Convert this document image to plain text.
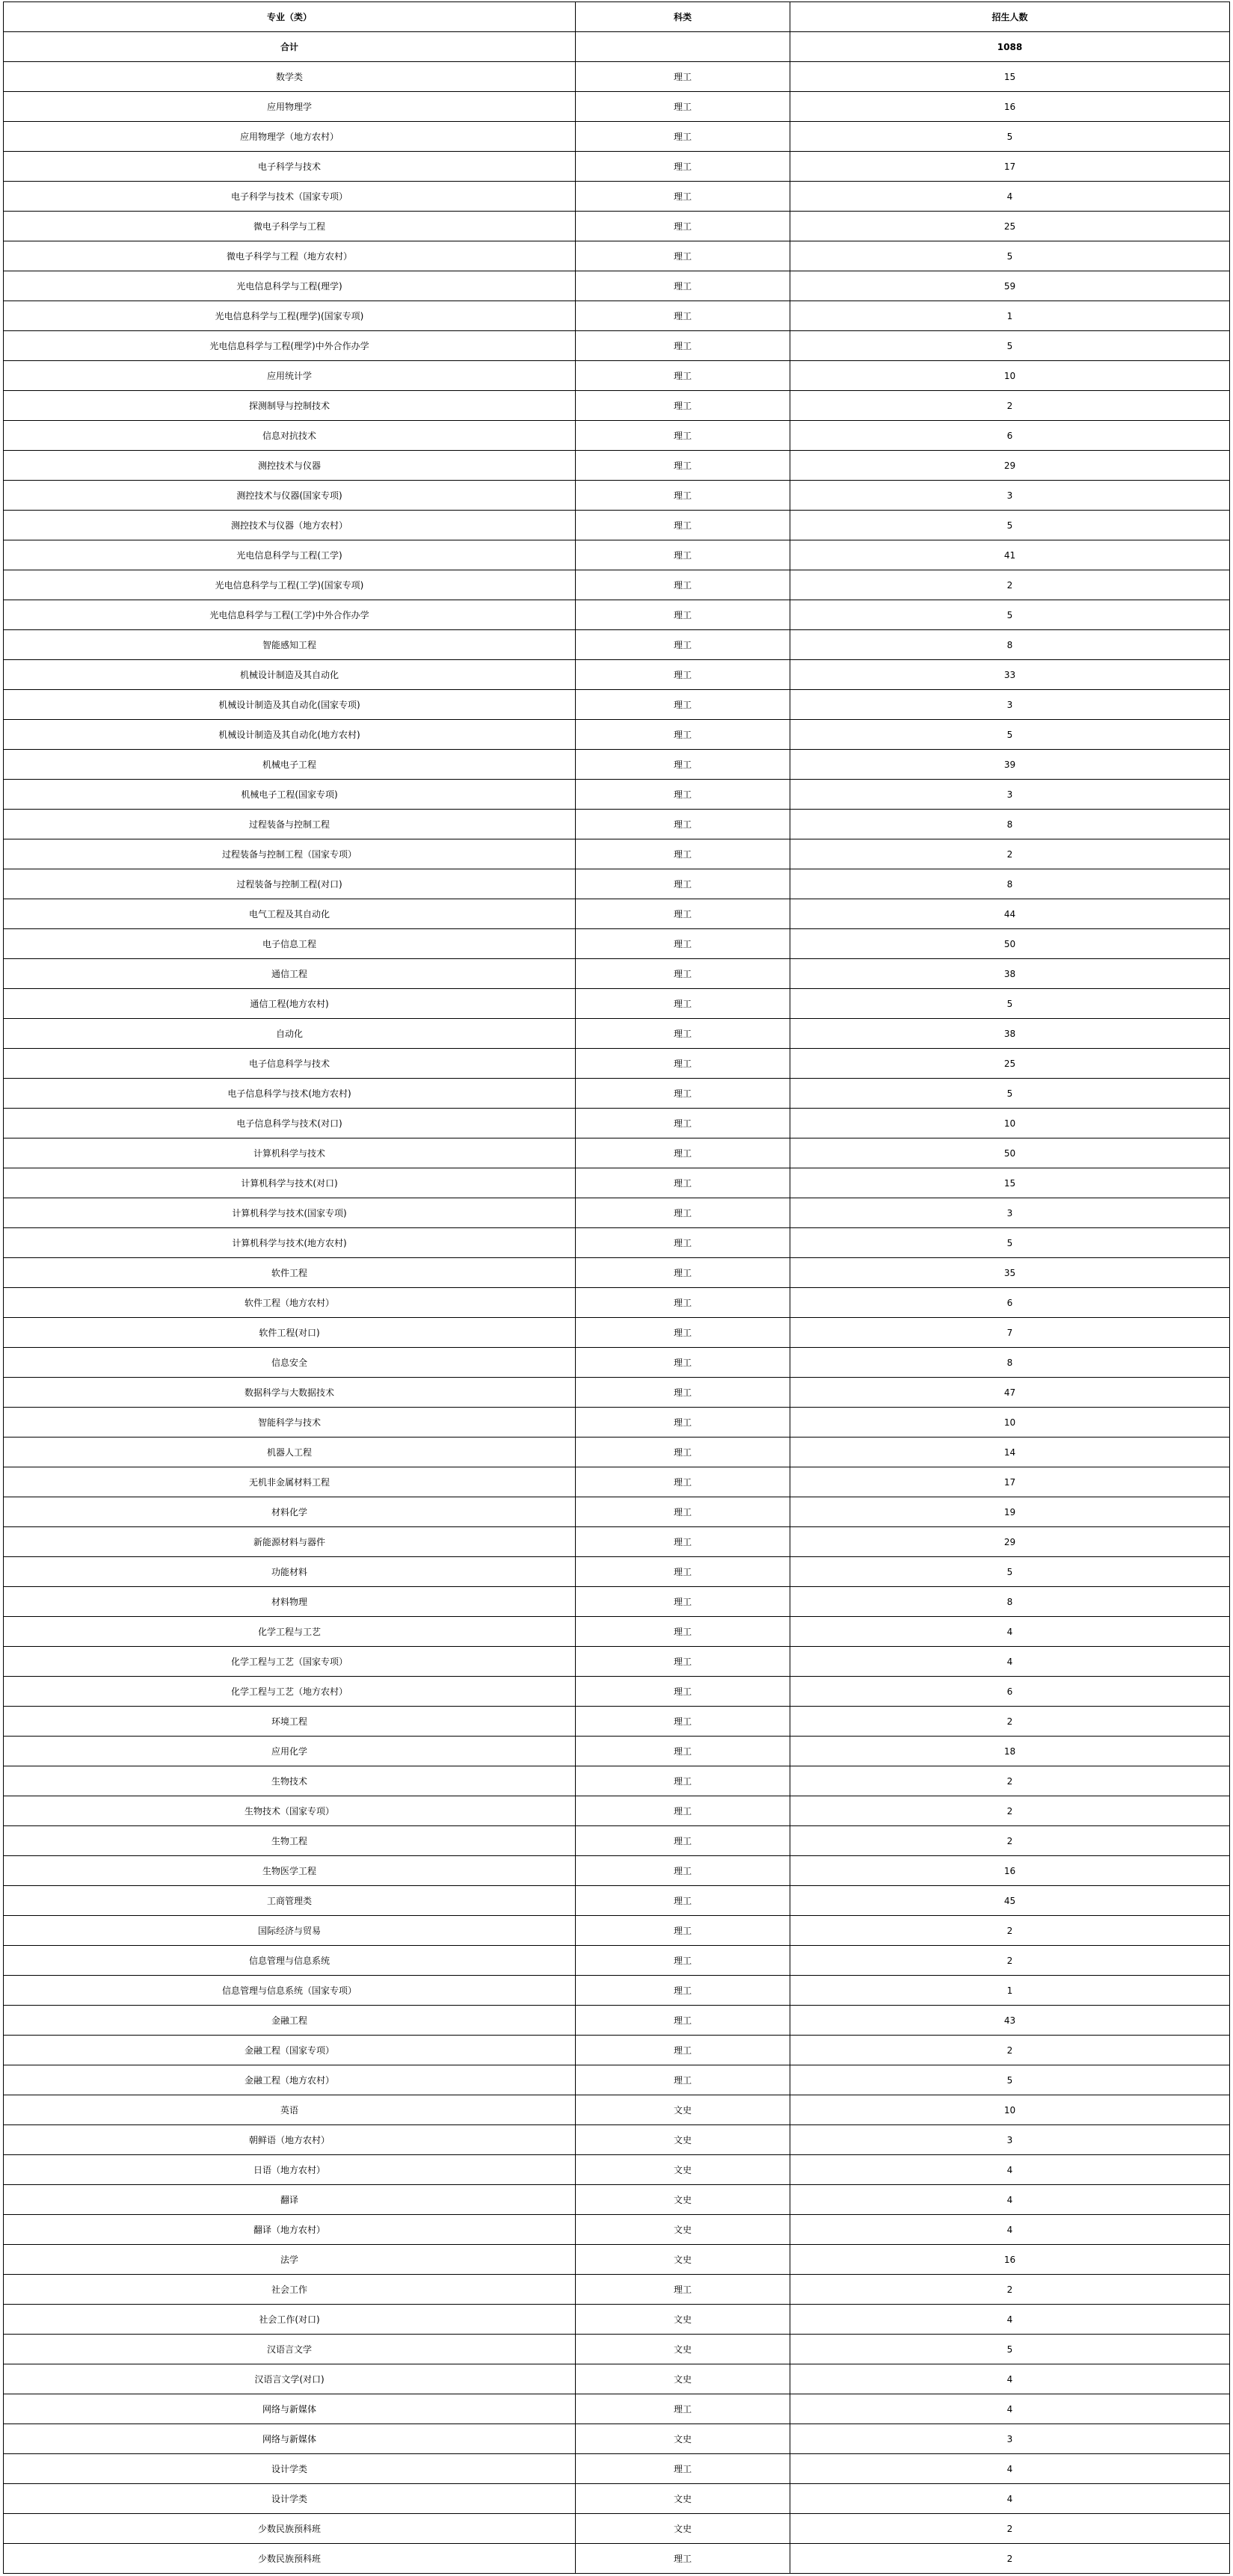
专业（类）	科类	招生人数
合计		1088
数学类	理工	15
应用物理学	理工	16
应用物理学（地方农村）	理工	5
电子科学与技术	理工	17
电子科学与技术（国家专项）	理工	4
微电子科学与工程	理工	25
微电子科学与工程（地方农村）	理工	5
光电信息科学与工程(理学)	理工	59
光电信息科学与工程(理学)(国家专项)	理工	1
光电信息科学与工程(理学)中外合作办学	理工	5
应用统计学	理工	10
探测制导与控制技术	理工	2
信息对抗技术	理工	6
测控技术与仪器	理工	29
测控技术与仪器(国家专项)	理工	3
测控技术与仪器（地方农村）	理工	5
光电信息科学与工程(工学)	理工	41
光电信息科学与工程(工学)(国家专项)	理工	2
光电信息科学与工程(工学)中外合作办学	理工	5
智能感知工程	理工	8
机械设计制造及其自动化	理工	33
机械设计制造及其自动化(国家专项)	理工	3
机械设计制造及其自动化(地方农村)	理工	5
机械电子工程	理工	39
机械电子工程(国家专项)	理工	3
过程装备与控制工程	理工	8
过程装备与控制工程（国家专项）	理工	2
过程装备与控制工程(对口)	理工	8
电气工程及其自动化	理工	44
电子信息工程	理工	50
通信工程	理工	38
通信工程(地方农村)	理工	5
自动化	理工	38
电子信息科学与技术	理工	25
电子信息科学与技术(地方农村)	理工	5
电子信息科学与技术(对口)	理工	10
计算机科学与技术	理工	50
计算机科学与技术(对口)	理工	15
计算机科学与技术(国家专项)	理工	3
计算机科学与技术(地方农村)	理工	5
软件工程	理工	35
软件工程（地方农村）	理工	6
软件工程(对口)	理工	7
信息安全	理工	8
数据科学与大数据技术	理工	47
智能科学与技术	理工	10
机器人工程	理工	14
无机非金属材料工程	理工	17
材料化学	理工	19
新能源材料与器件	理工	29
功能材料	理工	5
材料物理	理工	8
化学工程与工艺	理工	4
化学工程与工艺（国家专项）	理工	4
化学工程与工艺（地方农村）	理工	6
环境工程	理工	2
应用化学	理工	18
生物技术	理工	2
生物技术（国家专项）	理工	2
生物工程	理工	2
生物医学工程	理工	16
工商管理类	理工	45
国际经济与贸易	理工	2
信息管理与信息系统	理工	2
信息管理与信息系统（国家专项）	理工	1
金融工程	理工	43
金融工程（国家专项）	理工	2
金融工程（地方农村）	理工	5
英语	文史	10
朝鲜语（地方农村）	文史	3
日语（地方农村）	文史	4
翻译	文史	4
翻译（地方农村）	文史	4
法学	文史	16
社会工作	理工	2
社会工作(对口)	文史	4
汉语言文学	文史	5
汉语言文学(对口)	文史	4
网络与新媒体	理工	4
网络与新媒体	文史	3
设计学类	理工	4
设计学类	文史	4
少数民族预科班	文史	2
少数民族预科班	理工	2
